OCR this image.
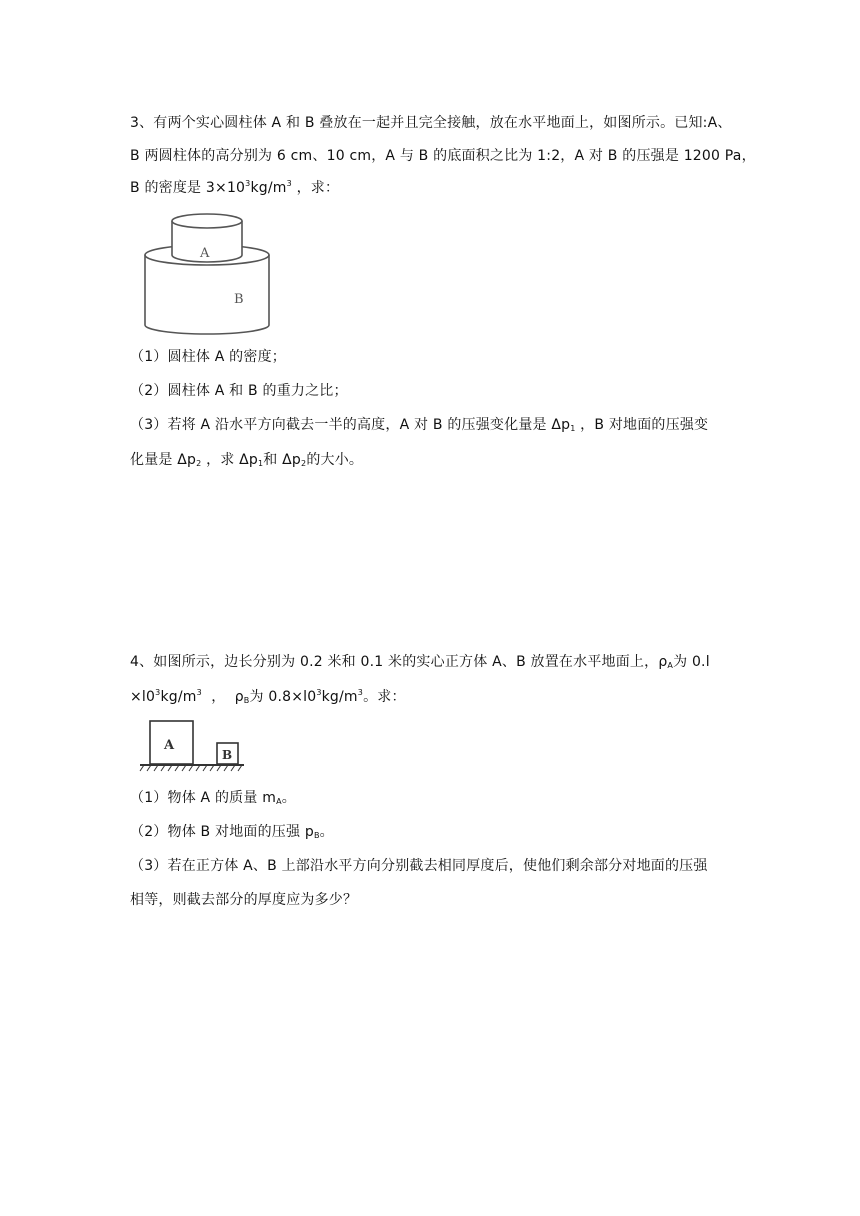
3、有两个实心圆柱体 A 和 B 叠放在一起并且完全接触，放在水平地面上，如图所示。已知:A、
B 两圆柱体的高分别为 6 cm、10 cm，A 与 B 的底面积之比为 1:2，A 对 B 的压强是 1200 Pa，
B 的密度是 $3\times 10^3kg/m^3$ ，求：
A
B
（1）圆柱体 A 的密度；
（2）圆柱体 A 和 B 的重力之比；
（3）若将 A 沿水平方向截去一半的高度，A 对 B 的压强变化量是 $\Delta p_1$ ，B 对地面的压强变
化量是 $\Delta p_2$ ，求 $\Delta p_1$和 $\Delta p_2$的大小。
4、如图所示，边长分别为 0.2 米和 0.1 米的实心正方体 A、B 放置在水平地面上，$\rho_A$为 0.l
$\times l0^3kg/m^3$  ，  $\rho_B$为 $0.8\times l0^3kg/m^3$。求：
A
B
（1）物体 A 的质量 $m_A$。
（2）物体 B 对地面的压强 $p_B$。
（3）若在正方体 A、B 上部沿水平方向分别截去相同厚度后，使他们剩余部分对地面的压强
相等，则截去部分的厚度应为多少？
